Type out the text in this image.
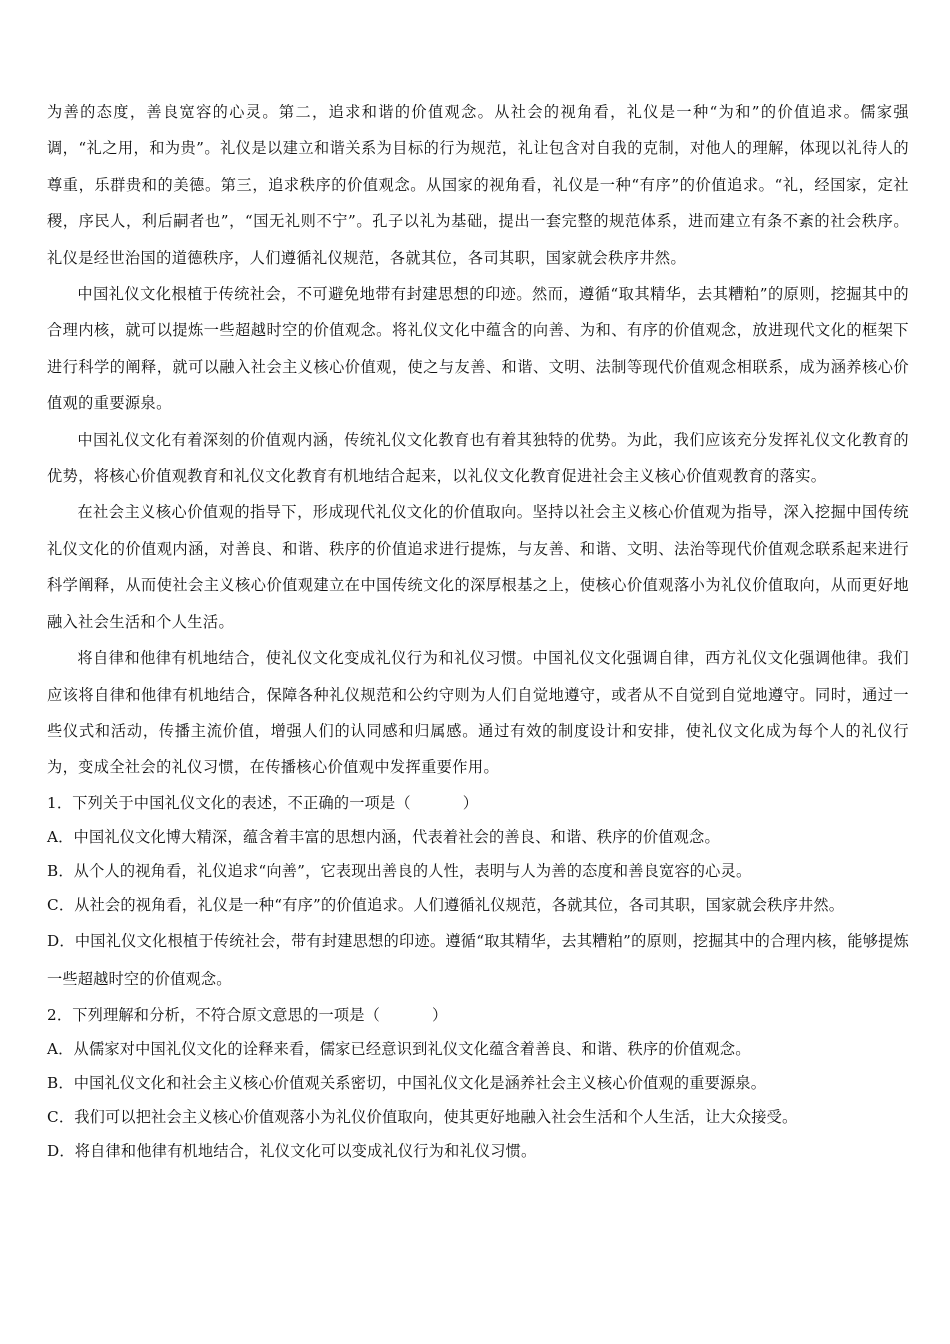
为善的态度，善良宽容的心灵。第二，追求和谐的价值观念。从社会的视角看，礼仪是一种“为和”的价值追求。儒家强调，“礼之用，和为贵”。礼仪是以建立和谐关系为目标的行为规范，礼让包含对自我的克制，对他人的理解，体现以礼待人的尊重，乐群贵和的美德。第三，追求秩序的价值观念。从国家的视角看，礼仪是一种“有序”的价值追求。“礼，经国家，定社稷，序民人，利后嗣者也”，“国无礼则不宁”。孔子以礼为基础，提出一套完整的规范体系，进而建立有条不紊的社会秩序。礼仪是经世治国的道德秩序，人们遵循礼仪规范，各就其位，各司其职，国家就会秩序井然。

中国礼仪文化根植于传统社会，不可避免地带有封建思想的印迹。然而，遵循“取其精华，去其糟粕”的原则，挖掘其中的合理内核，就可以提炼一些超越时空的价值观念。将礼仪文化中蕴含的向善、为和、有序的价值观念，放进现代文化的框架下进行科学的阐释，就可以融入社会主义核心价值观，使之与友善、和谐、文明、法制等现代价值观念相联系，成为涵养核心价值观的重要源泉。

中国礼仪文化有着深刻的价值观内涵，传统礼仪文化教育也有着其独特的优势。为此，我们应该充分发挥礼仪文化教育的优势，将核心价值观教育和礼仪文化教育有机地结合起来，以礼仪文化教育促进社会主义核心价值观教育的落实。

在社会主义核心价值观的指导下，形成现代礼仪文化的价值取向。坚持以社会主义核心价值观为指导，深入挖掘中国传统礼仪文化的价值观内涵，对善良、和谐、秩序的价值追求进行提炼，与友善、和谐、文明、法治等现代价值观念联系起来进行科学阐释，从而使社会主义核心价值观建立在中国传统文化的深厚根基之上，使核心价值观落小为礼仪价值取向，从而更好地融入社会生活和个人生活。

将自律和他律有机地结合，使礼仪文化变成礼仪行为和礼仪习惯。中国礼仪文化强调自律，西方礼仪文化强调他律。我们应该将自律和他律有机地结合，保障各种礼仪规范和公约守则为人们自觉地遵守，或者从不自觉到自觉地遵守。同时，通过一些仪式和活动，传播主流价值，增强人们的认同感和归属感。通过有效的制度设计和安排，使礼仪文化成为每个人的礼仪行为，变成全社会的礼仪习惯，在传播核心价值观中发挥重要作用。

1．下列关于中国礼仪文化的表述，不正确的一项是（	）

A．中国礼仪文化博大精深，蕴含着丰富的思想内涵，代表着社会的善良、和谐、秩序的价值观念。

B．从个人的视角看，礼仪追求“向善”，它表现出善良的人性，表明与人为善的态度和善良宽容的心灵。

C．从社会的视角看，礼仪是一种“有序”的价值追求。人们遵循礼仪规范，各就其位，各司其职，国家就会秩序井然。

D．中国礼仪文化根植于传统社会，带有封建思想的印迹。遵循“取其精华，去其糟粕”的原则，挖掘其中的合理内核，能够提炼一些超越时空的价值观念。

2．下列理解和分析，不符合原文意思的一项是（	）

A．从儒家对中国礼仪文化的诠释来看，儒家已经意识到礼仪文化蕴含着善良、和谐、秩序的价值观念。

B．中国礼仪文化和社会主义核心价值观关系密切，中国礼仪文化是涵养社会主义核心价值观的重要源泉。

C．我们可以把社会主义核心价值观落小为礼仪价值取向，使其更好地融入社会生活和个人生活，让大众接受。

D．将自律和他律有机地结合，礼仪文化可以变成礼仪行为和礼仪习惯。
